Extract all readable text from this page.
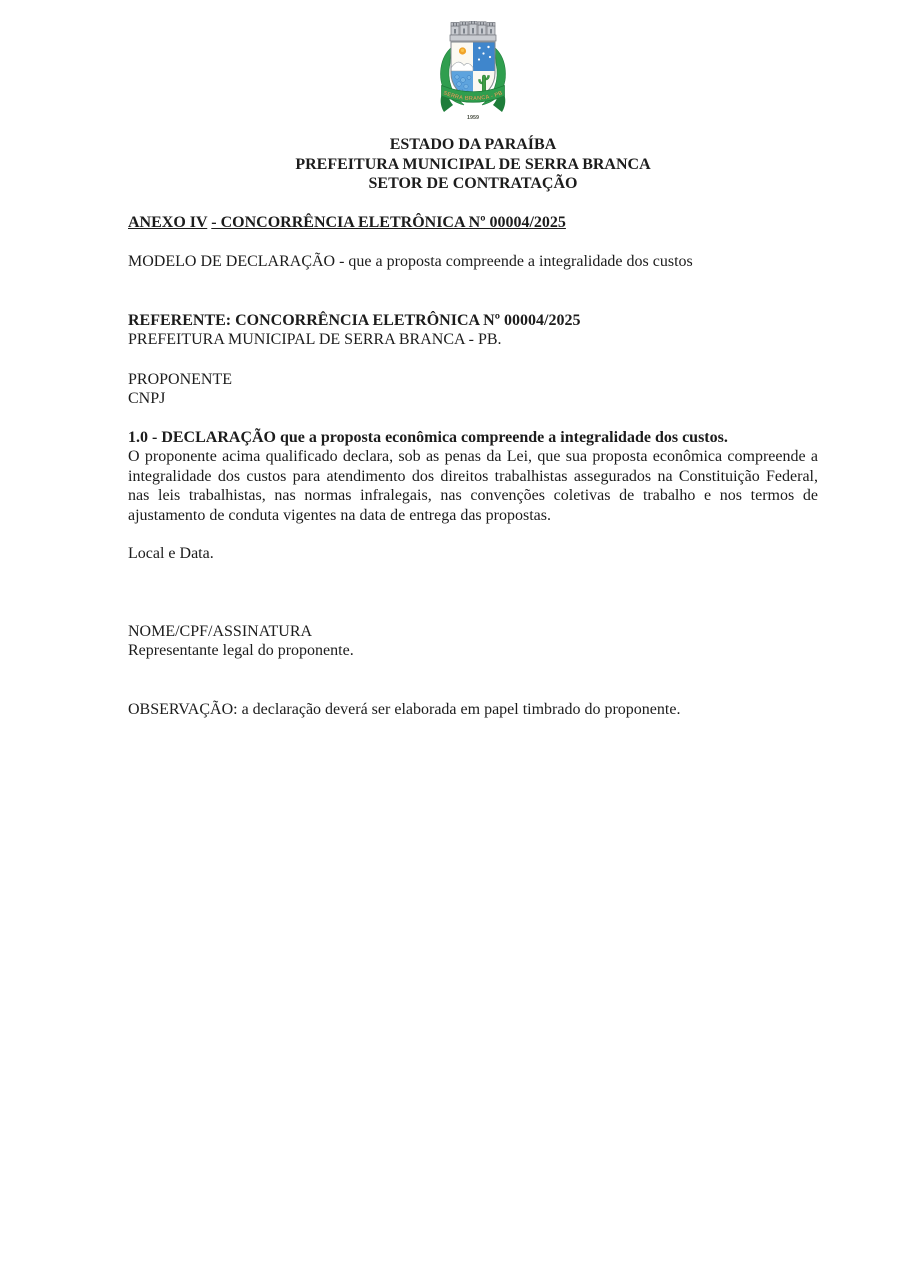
SERRA BRANCA - PB
1959
ESTADO DA PARAÍBA
PREFEITURA MUNICIPAL DE SERRA BRANCA
SETOR DE CONTRATAÇÃO

ANEXO IV - CONCORRÊNCIA ELETRÔNICA Nº 00004/2025

MODELO DE DECLARAÇÃO - que a proposta compreende a integralidade dos custos

REFERENTE: CONCORRÊNCIA ELETRÔNICA Nº 00004/2025

PREFEITURA MUNICIPAL DE SERRA BRANCA - PB.

PROPONENTE

CNPJ

1.0 - DECLARAÇÃO que a proposta econômica compreende a integralidade dos custos.

O proponente acima qualificado declara, sob as penas da Lei, que sua proposta econômica compreende a integralidade dos custos para atendimento dos direitos trabalhistas assegurados na Constituição Federal, nas leis trabalhistas, nas normas infralegais, nas convenções coletivas de trabalho e nos termos de ajustamento de conduta vigentes na data de entrega das propostas.

Local e Data.

NOME/CPF/ASSINATURA

Representante legal do proponente.

OBSERVAÇÃO: a declaração deverá ser elaborada em papel timbrado do proponente.
